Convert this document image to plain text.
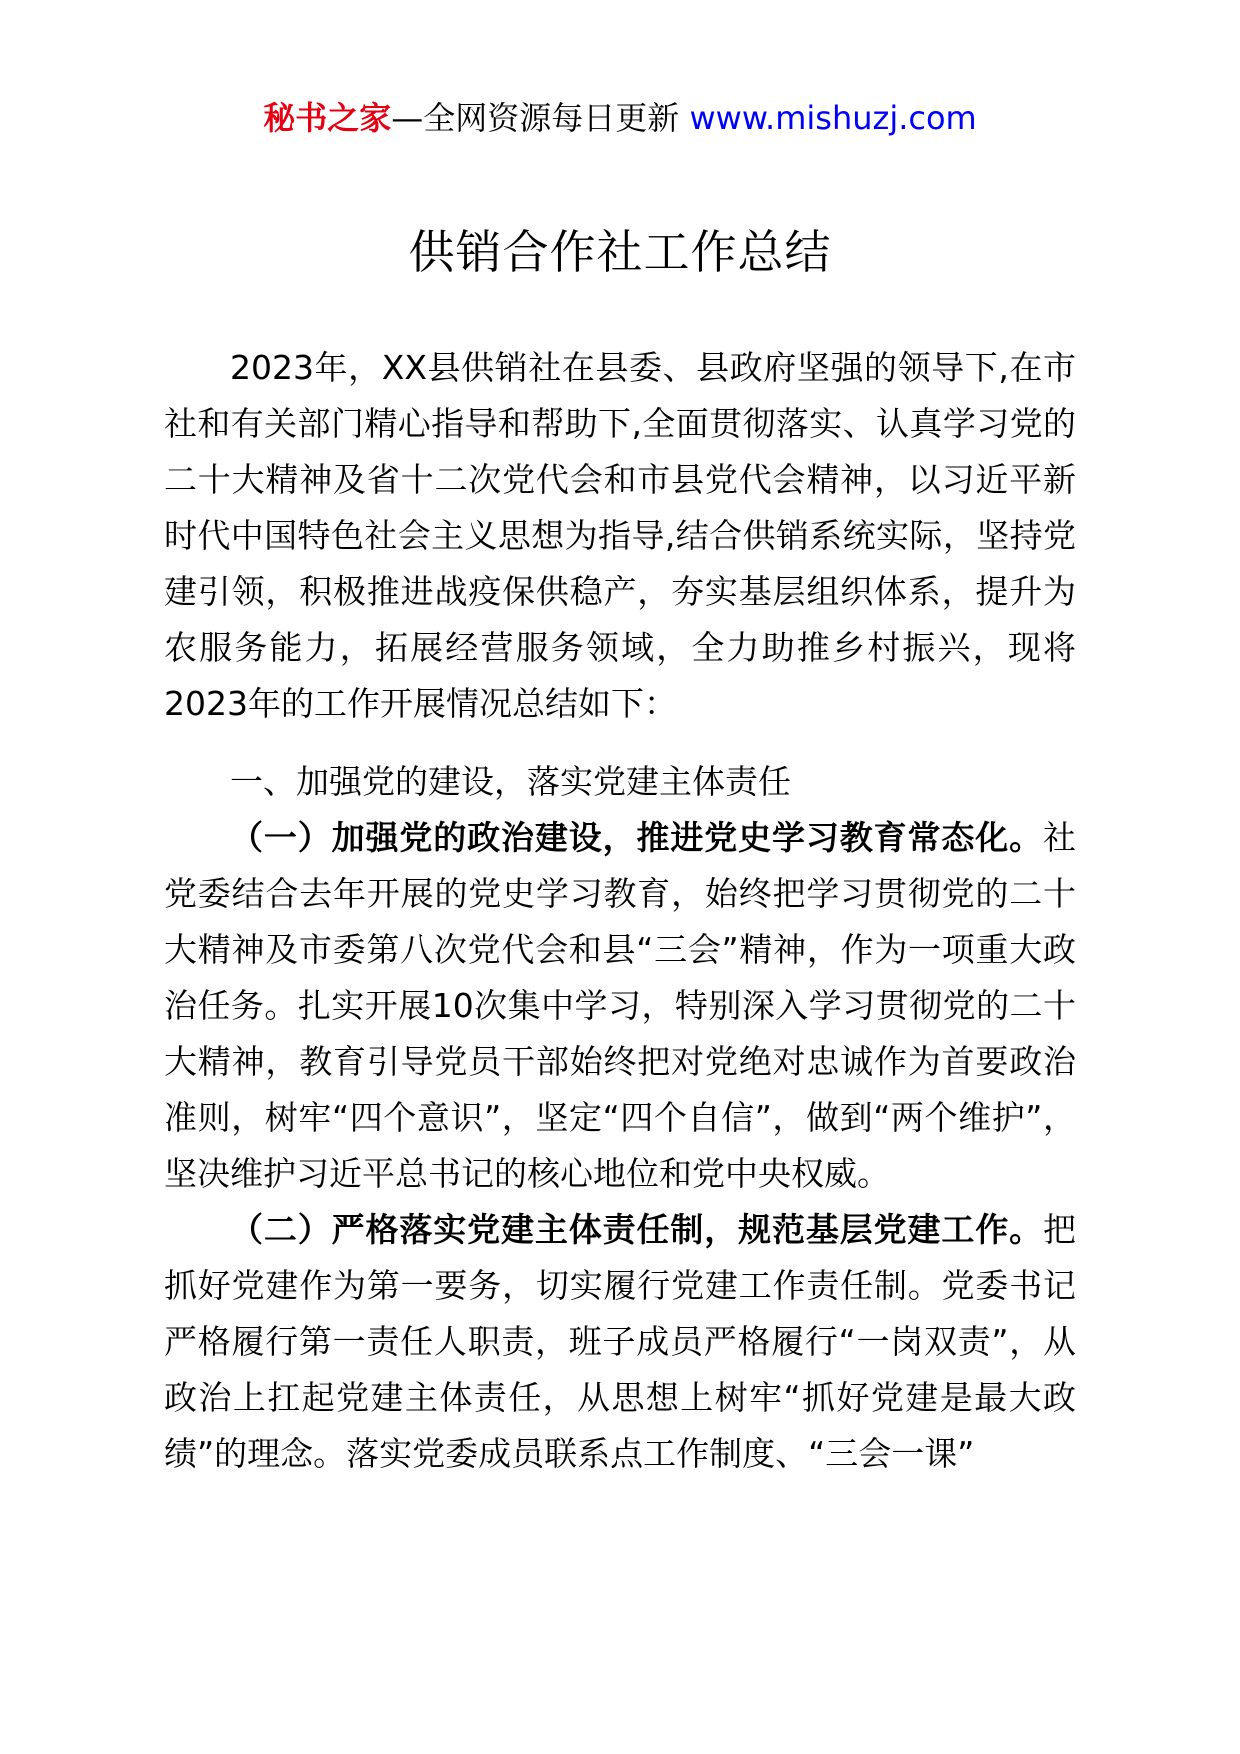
秘书之家—全网资源每日更新 www.mishuzj.com
供销合作社工作总结

2023年，XX县供销社在县委、县政府坚强的领导下,在市社和有关部门精心指导和帮助下,全面贯彻落实、认真学习党的二十大精神及省十二次党代会和市县党代会精神，以习近平新时代中国特色社会主义思想为指导,结合供销系统实际，坚持党建引领，积极推进战疫保供稳产，夯实基层组织体系，提升为农服务能力，拓展经营服务领域，全力助推乡村振兴，现将2023年的工作开展情况总结如下：

一、加强党的建设，落实党建主体责任

（一）加强党的政治建设，推进党史学习教育常态化。社党委结合去年开展的党史学习教育，始终把学习贯彻党的二十大精神及市委第八次党代会和县“三会”精神，作为一项重大政治任务。扎实开展10次集中学习，特别深入学习贯彻党的二十大精神，教育引导党员干部始终把对党绝对忠诚作为首要政治准则，树牢“四个意识”，坚定“四个自信”，做到“两个维护”，坚决维护习近平总书记的核心地位和党中央权威。

（二）严格落实党建主体责任制，规范基层党建工作。把抓好党建作为第一要务，切实履行党建工作责任制。党委书记严格履行第一责任人职责，班子成员严格履行“一岗双责”，从政治上扛起党建主体责任，从思想上树牢“抓好党建是最大政绩”的理念。落实党委成员联系点工作制度、“三会一课”
